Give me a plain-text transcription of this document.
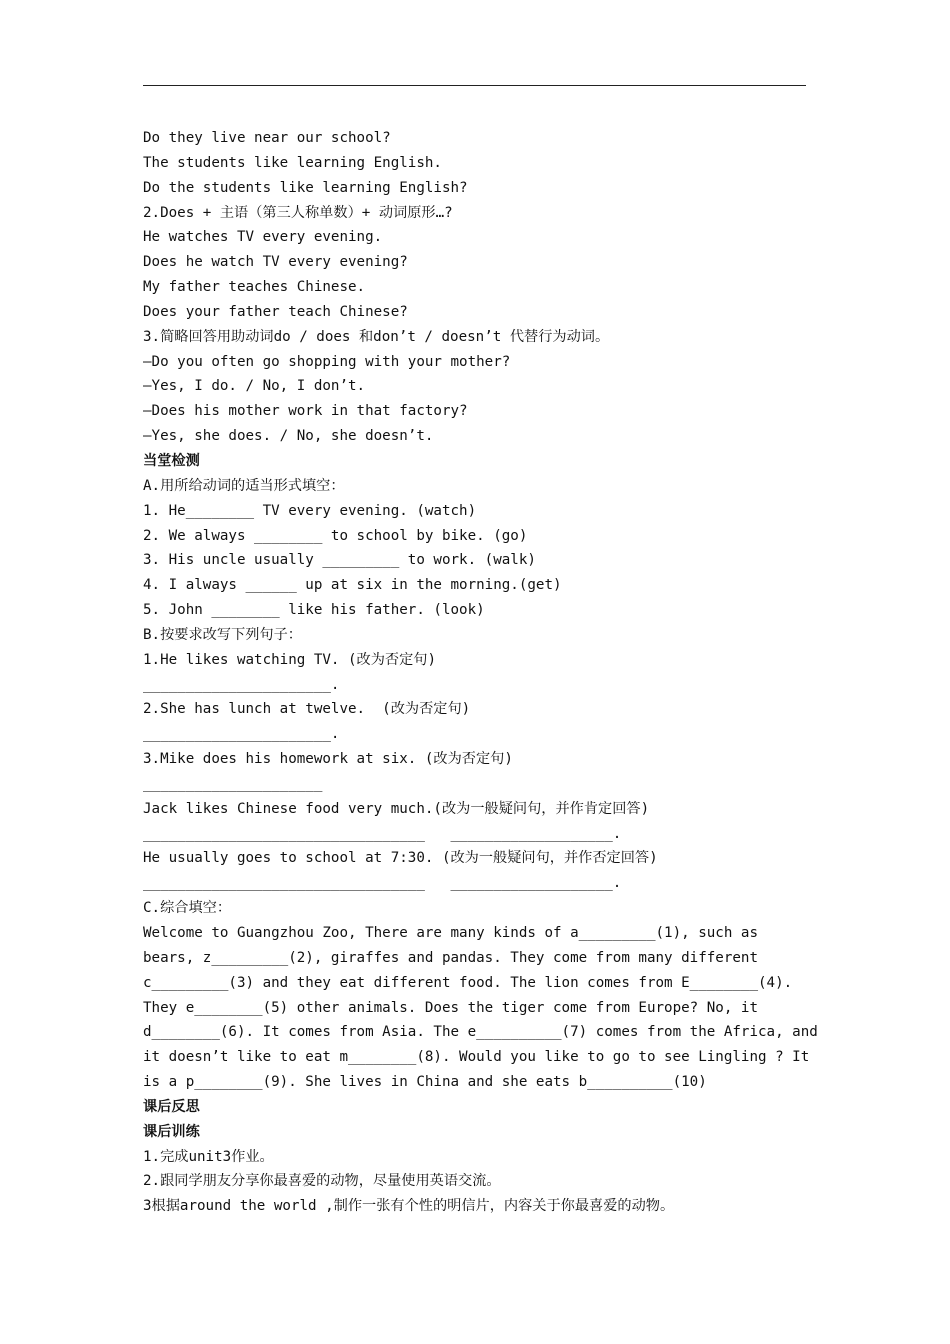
Do they live near our school?
The students like learning English.
Do the students like learning English?
2.Does + 主语（第三人称单数）+ 动词原形…?
He watches TV every evening.
Does he watch TV every evening?
My father teaches Chinese.
Does your father teach Chinese?
3.简略回答用助动词do / does 和don’t / doesn’t 代替行为动词。
—Do you often go shopping with your mother?
—Yes, I do. / No, I don’t.
—Does his mother work in that factory?
—Yes, she does. / No, she doesn’t.
当堂检测
A.用所给动词的适当形式填空：
1. He________ TV every evening. (watch)
2. We always ________ to school by bike. (go)
3. His uncle usually _________ to work. (walk)
4. I always ______ up at six in the morning.(get)
5. John ________ like his father. (look)
B.按要求改写下列句子：
1.He likes watching TV. (改为否定句)
______________________.
2.She has lunch at twelve.  (改为否定句)
______________________.
3.Mike does his homework at six. (改为否定句)
_____________________
Jack likes Chinese food very much.(改为一般疑问句，并作肯定回答)
_________________________________   ___________________.
He usually goes to school at 7:30. (改为一般疑问句，并作否定回答)
_________________________________   ___________________.
C.综合填空：
Welcome to Guangzhou Zoo, There are many kinds of a_________(1), such as
bears, z_________(2), giraffes and pandas. They come from many different
c_________(3) and they eat different food. The lion comes from E________(4).
They e________(5) other animals. Does the tiger come from Europe? No, it
d________(6). It comes from Asia. The e__________(7) comes from the Africa, and
it doesn’t like to eat m________(8). Would you like to go to see Lingling ? It
is a p________(9). She lives in China and she eats b__________(10)
课后反思
课后训练
1.完成unit3作业。
2.跟同学朋友分享你最喜爱的动物，尽量使用英语交流。
3根据around the world ,制作一张有个性的明信片，内容关于你最喜爱的动物。
